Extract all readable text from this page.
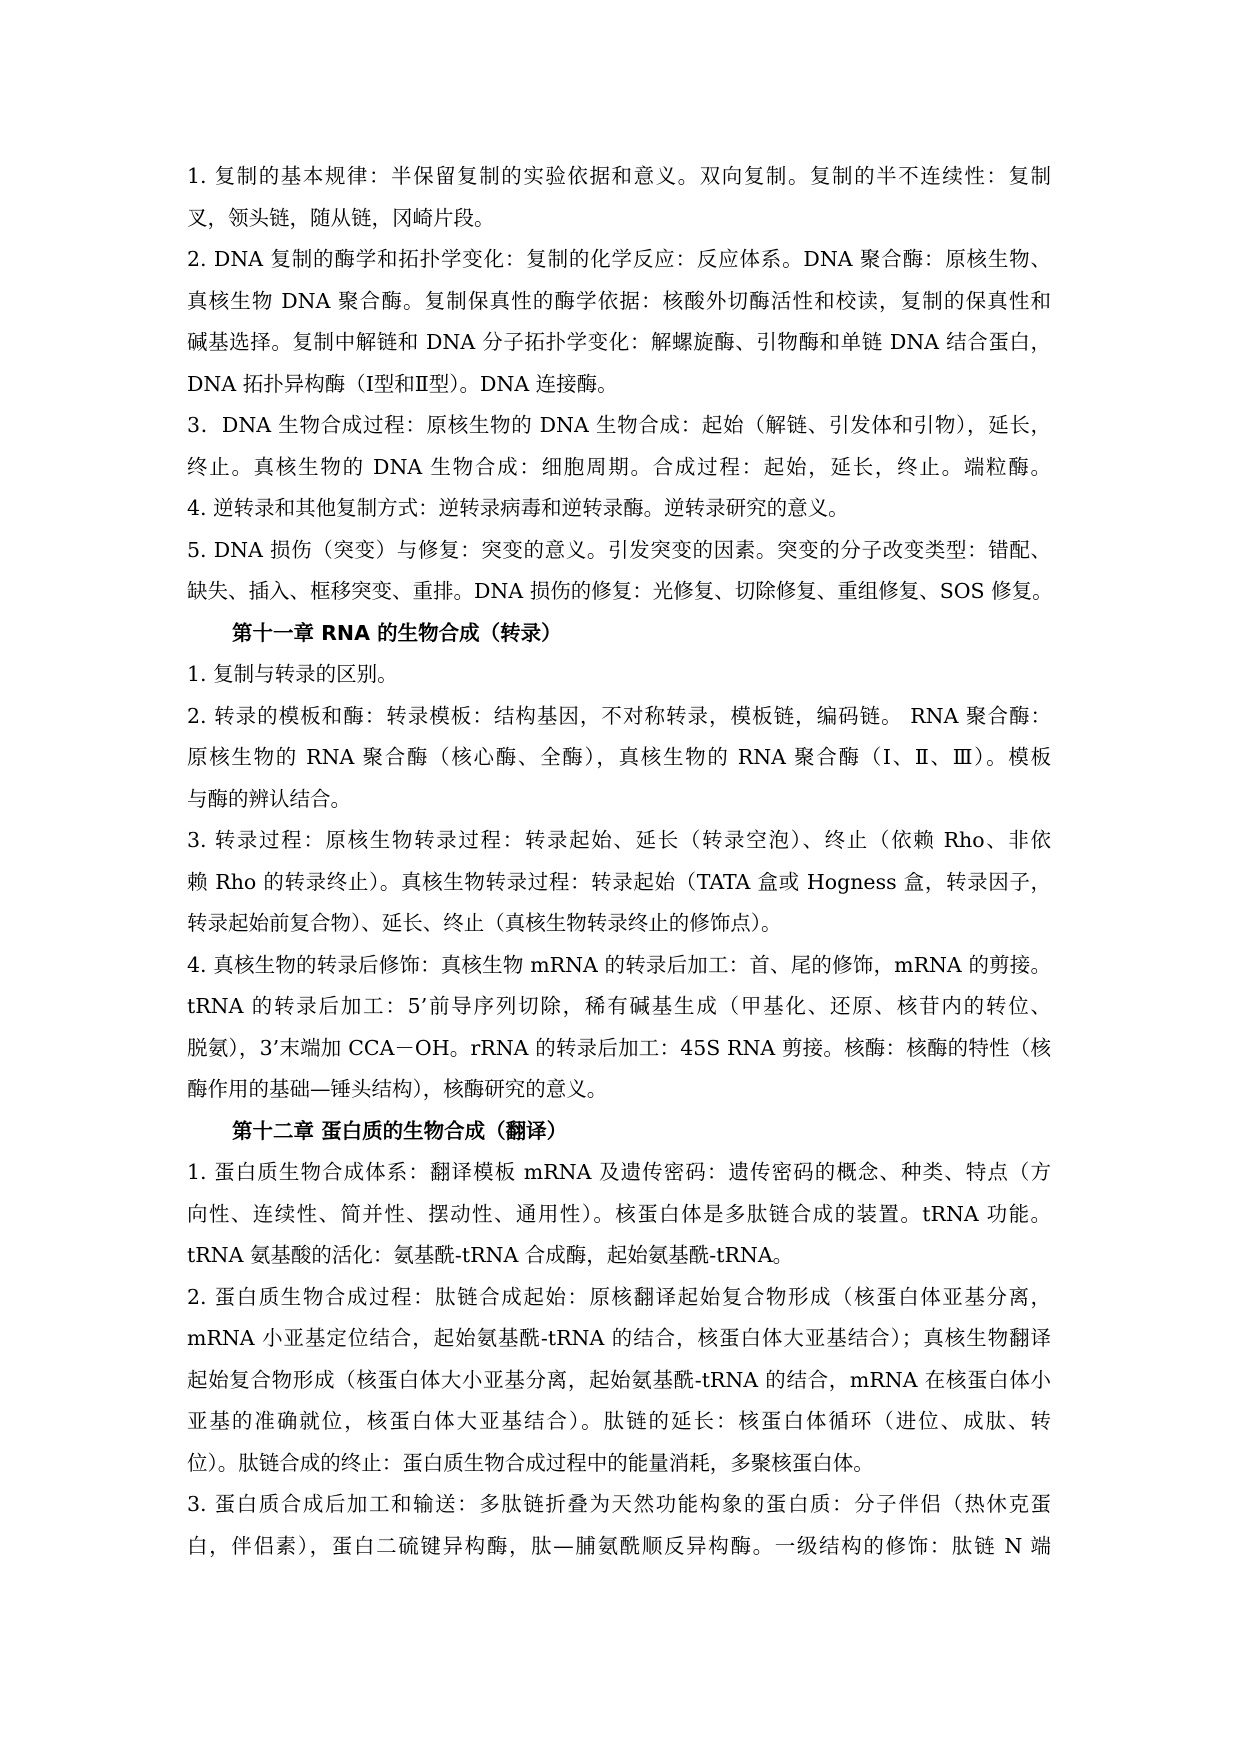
1. 复制的基本规律：半保留复制的实验依据和意义。双向复制。复制的半不连续性：复制
叉，领头链，随从链，冈崎片段。
2. DNA 复制的酶学和拓扑学变化：复制的化学反应：反应体系。DNA 聚合酶：原核生物、
真核生物 DNA 聚合酶。复制保真性的酶学依据：核酸外切酶活性和校读，复制的保真性和
碱基选择。复制中解链和 DNA 分子拓扑学变化：解螺旋酶、引物酶和单链 DNA 结合蛋白，
DNA 拓扑异构酶（Ⅰ型和Ⅱ型）。DNA 连接酶。
3．DNA 生物合成过程：原核生物的 DNA 生物合成：起始（解链、引发体和引物），延长，
终止。真核生物的 DNA 生物合成：细胞周期。合成过程：起始，延长，终止。端粒酶。
4. 逆转录和其他复制方式：逆转录病毒和逆转录酶。逆转录研究的意义。
5. DNA 损伤（突变）与修复：突变的意义。引发突变的因素。突变的分子改变类型：错配、
缺失、插入、框移突变、重排。DNA 损伤的修复：光修复、切除修复、重组修复、SOS 修复。
第十一章 RNA 的生物合成（转录）
1. 复制与转录的区别。
2. 转录的模板和酶：转录模板：结构基因，不对称转录，模板链，编码链。 RNA 聚合酶：
原核生物的 RNA 聚合酶（核心酶、全酶），真核生物的 RNA 聚合酶（Ⅰ、Ⅱ、Ⅲ）。模板
与酶的辨认结合。
3. 转录过程：原核生物转录过程：转录起始、延长（转录空泡）、终止（依赖 Rho、非依
赖 Rho 的转录终止）。真核生物转录过程：转录起始（TATA 盒或 Hogness 盒，转录因子，
转录起始前复合物）、延长、终止（真核生物转录终止的修饰点）。
4. 真核生物的转录后修饰：真核生物 mRNA 的转录后加工：首、尾的修饰，mRNA 的剪接。
tRNA 的转录后加工：5’前导序列切除，稀有碱基生成（甲基化、还原、核苷内的转位、
脱氨），3’末端加 CCA－OH。rRNA 的转录后加工：45S RNA 剪接。核酶：核酶的特性（核
酶作用的基础—锤头结构），核酶研究的意义。
第十二章 蛋白质的生物合成（翻译）
1. 蛋白质生物合成体系：翻译模板 mRNA 及遗传密码：遗传密码的概念、种类、特点（方
向性、连续性、简并性、摆动性、通用性）。核蛋白体是多肽链合成的装置。tRNA 功能。
tRNA 氨基酸的活化：氨基酰-tRNA 合成酶，起始氨基酰-tRNA。
2. 蛋白质生物合成过程：肽链合成起始：原核翻译起始复合物形成（核蛋白体亚基分离，
mRNA 小亚基定位结合，起始氨基酰-tRNA 的结合，核蛋白体大亚基结合）；真核生物翻译
起始复合物形成（核蛋白体大小亚基分离，起始氨基酰-tRNA 的结合，mRNA 在核蛋白体小
亚基的准确就位，核蛋白体大亚基结合）。肽链的延长：核蛋白体循环（进位、成肽、转
位）。肽链合成的终止：蛋白质生物合成过程中的能量消耗，多聚核蛋白体。
3. 蛋白质合成后加工和输送：多肽链折叠为天然功能构象的蛋白质：分子伴侣（热休克蛋
白，伴侣素），蛋白二硫键异构酶，肽—脯氨酰顺反异构酶。一级结构的修饰：肽链 N 端
